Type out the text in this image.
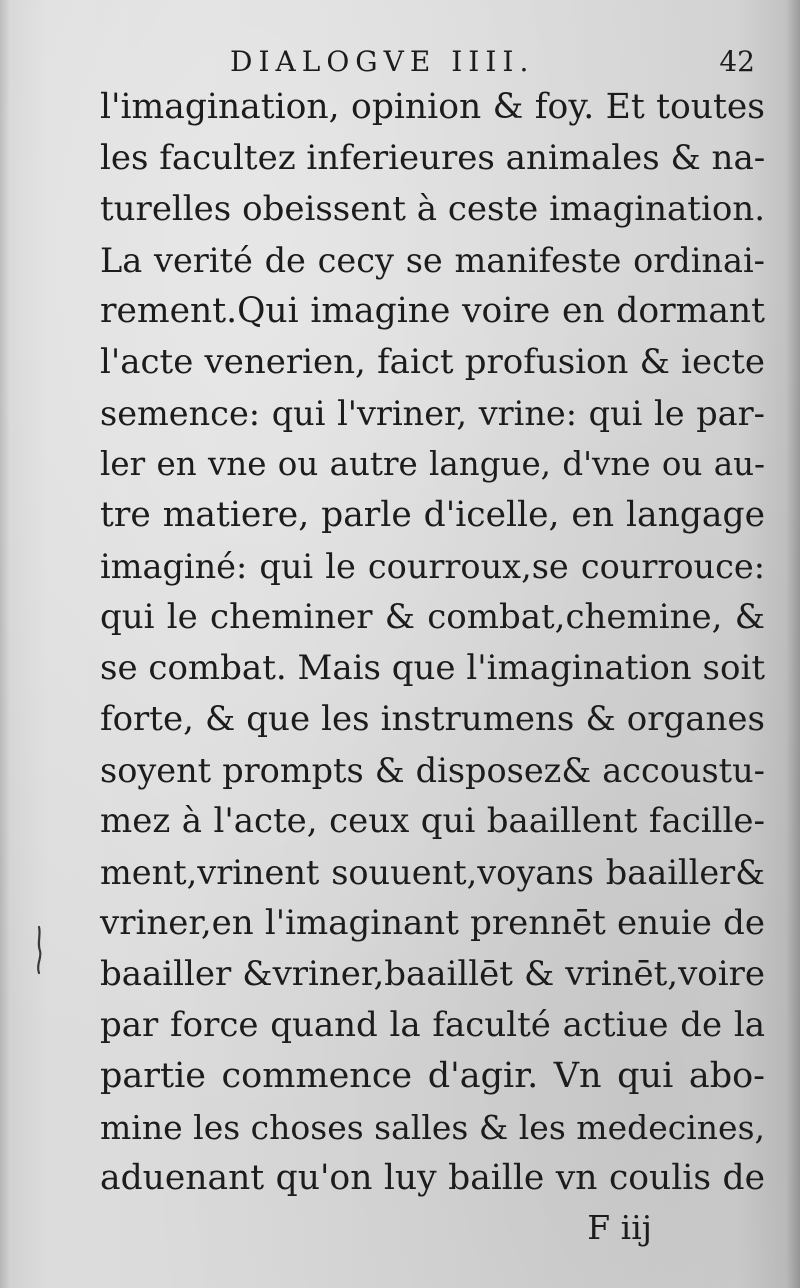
DIALOGVE IIII.	42
l'imagination, opinion & foy. Et toutes
les facultez inferieures animales & na-
turelles obeissent à ceste imagination.
La verité de cecy se manifeste ordinai-
rement.Qui imagine voire en dormant
l'acte venerien, faict profusion & iecte
semence: qui l'vriner, vrine: qui le par-
ler en vne ou autre langue, d'vne ou au-
tre matiere, parle d'icelle, en langage
imaginé: qui le courroux,se courrouce:
qui le cheminer & combat,chemine, &
se combat. Mais que l'imagination soit
forte, & que les instrumens & organes
soyent prompts & disposez& accoustu-
mez à l'acte, ceux qui baaillent facille-
ment,vrinent souuent,voyans baailler&
vriner,en l'imaginant prennēt enuie de
baailler &vriner,baaillēt & vrinēt,voire
par force quand la faculté actiue de la
partie commence d'agir. Vn qui abo-
mine les choses salles & les medecines,
aduenant qu'on luy baille vn coulis de
F iij
